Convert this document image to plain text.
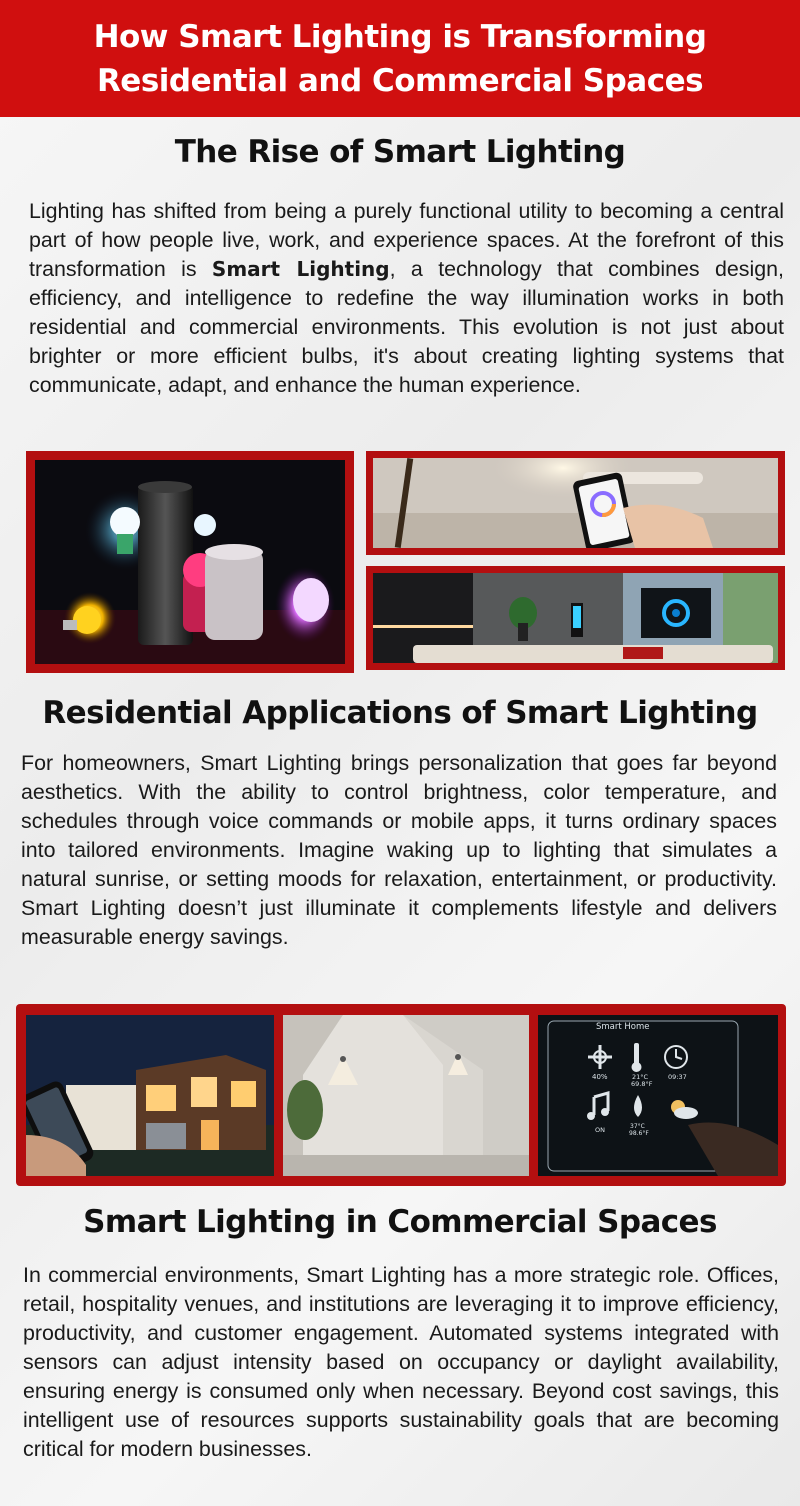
How Smart Lighting is Transforming
Residential and Commercial Spaces
The Rise of Smart Lighting
Lighting has shifted from being a purely functional utility to becoming a central part of how people live, work, and experience spaces. At the forefront of this transformation is Smart Lighting, a technology that combines design, efficiency, and intelligence to redefine the way illumination works in both residential and commercial environments. This evolution is not just about brighter or more efficient bulbs, it's about creating lighting systems that communicate, adapt, and enhance the human experience.
Residential Applications of Smart Lighting
For homeowners, Smart Lighting brings personalization that goes far beyond aesthetics. With the ability to control brightness, color temperature, and schedules through voice commands or mobile apps, it turns ordinary spaces into tailored environments. Imagine waking up to lighting that simulates a natural sunrise, or setting moods for relaxation, entertainment, or productivity. Smart Lighting doesn’t just illuminate it complements lifestyle and delivers measurable energy savings.
Smart Home
40%	21°C
69.8°F
09:37
ON	37°C
98.6°F
Smart Lighting in Commercial Spaces
In commercial environments, Smart Lighting has a more strategic role. Offices, retail, hospitality venues, and institutions are leveraging it to improve efficiency, productivity, and customer engagement. Automated systems integrated with sensors can adjust intensity based on occupancy or daylight availability, ensuring energy is consumed only when necessary. Beyond cost savings, this intelligent use of resources supports sustainability goals that are becoming critical for modern businesses.
